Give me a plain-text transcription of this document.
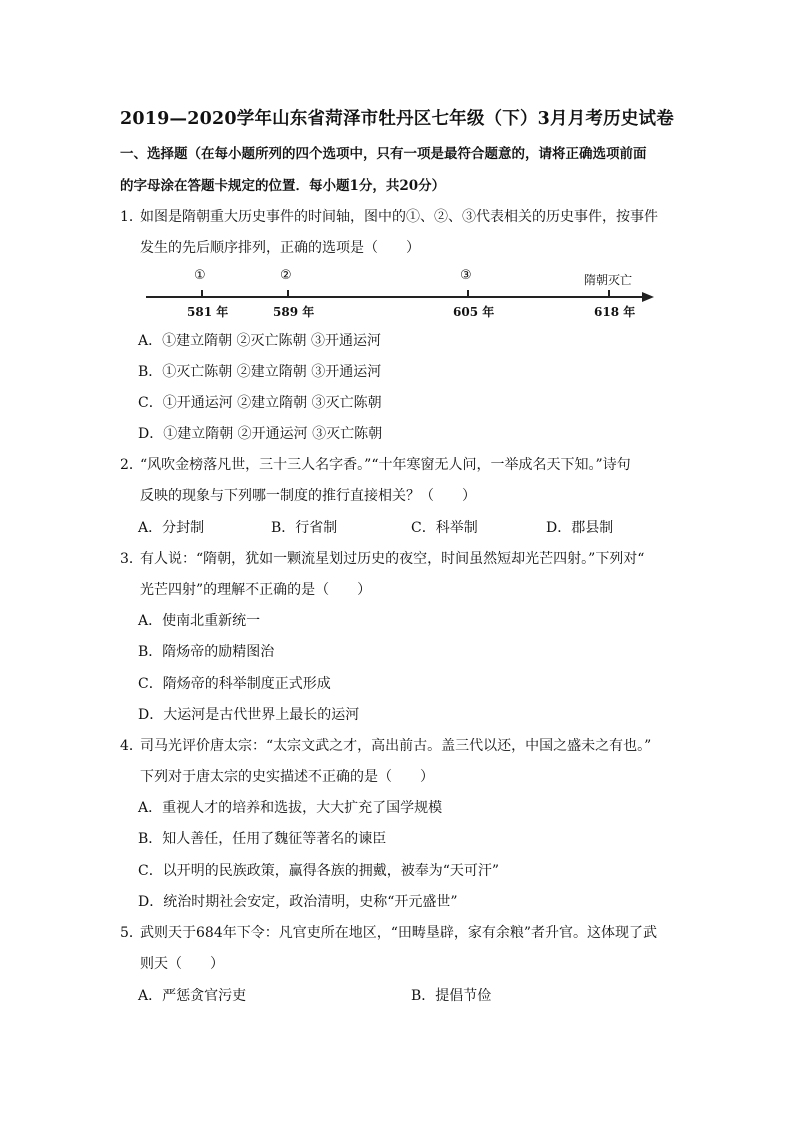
2019—2020学年山东省菏泽市牡丹区七年级（下）3月月考历史试卷
一、选择题（在每小题所列的四个选项中，只有一项是最符合题意的，请将正确选项前面
的字母涂在答题卡规定的位置．每小题1分，共20分）
1．
如图是隋朝重大历史事件的时间轴，图中的①、②、③代表相关的历史事件，按事件
发生的先后顺序排列，正确的选项是（　　）
①	②	③	隋朝灭亡
581 年	589 年	605 年	618 年
A．①建立隋朝 ②灭亡陈朝 ③开通运河
B．①灭亡陈朝 ②建立隋朝 ③开通运河
C．①开通运河 ②建立隋朝 ③灭亡陈朝
D．①建立隋朝 ②开通运河 ③灭亡陈朝
2．
“风吹金榜落凡世，三十三人名字香。”“十年寒窗无人问，一举成名天下知。”诗句
反映的现象与下列哪一制度的推行直接相关？（　　）
A．分封制	B．行省制	C．科举制	D．郡县制
3．
有人说：“隋朝，犹如一颗流星划过历史的夜空，时间虽然短却光芒四射。”下列对“
光芒四射”的理解不正确的是（　　）
A．使南北重新统一
B．隋炀帝的励精图治
C．隋炀帝的科举制度正式形成
D．大运河是古代世界上最长的运河
4．
司马光评价唐太宗：“太宗文武之才，高出前古。盖三代以还，中国之盛未之有也。”
下列对于唐太宗的史实描述不正确的是（　　）
A．重视人才的培养和选拔，大大扩充了国学规模
B．知人善任，任用了魏征等著名的谏臣
C．以开明的民族政策，赢得各族的拥戴，被奉为“天可汗”
D．统治时期社会安定，政治清明，史称“开元盛世”
5．
武则天于684年下令：凡官吏所在地区，“田畴垦辟，家有余粮”者升官。这体现了武
则天（　　）
A．严惩贪官污吏	B．提倡节俭
